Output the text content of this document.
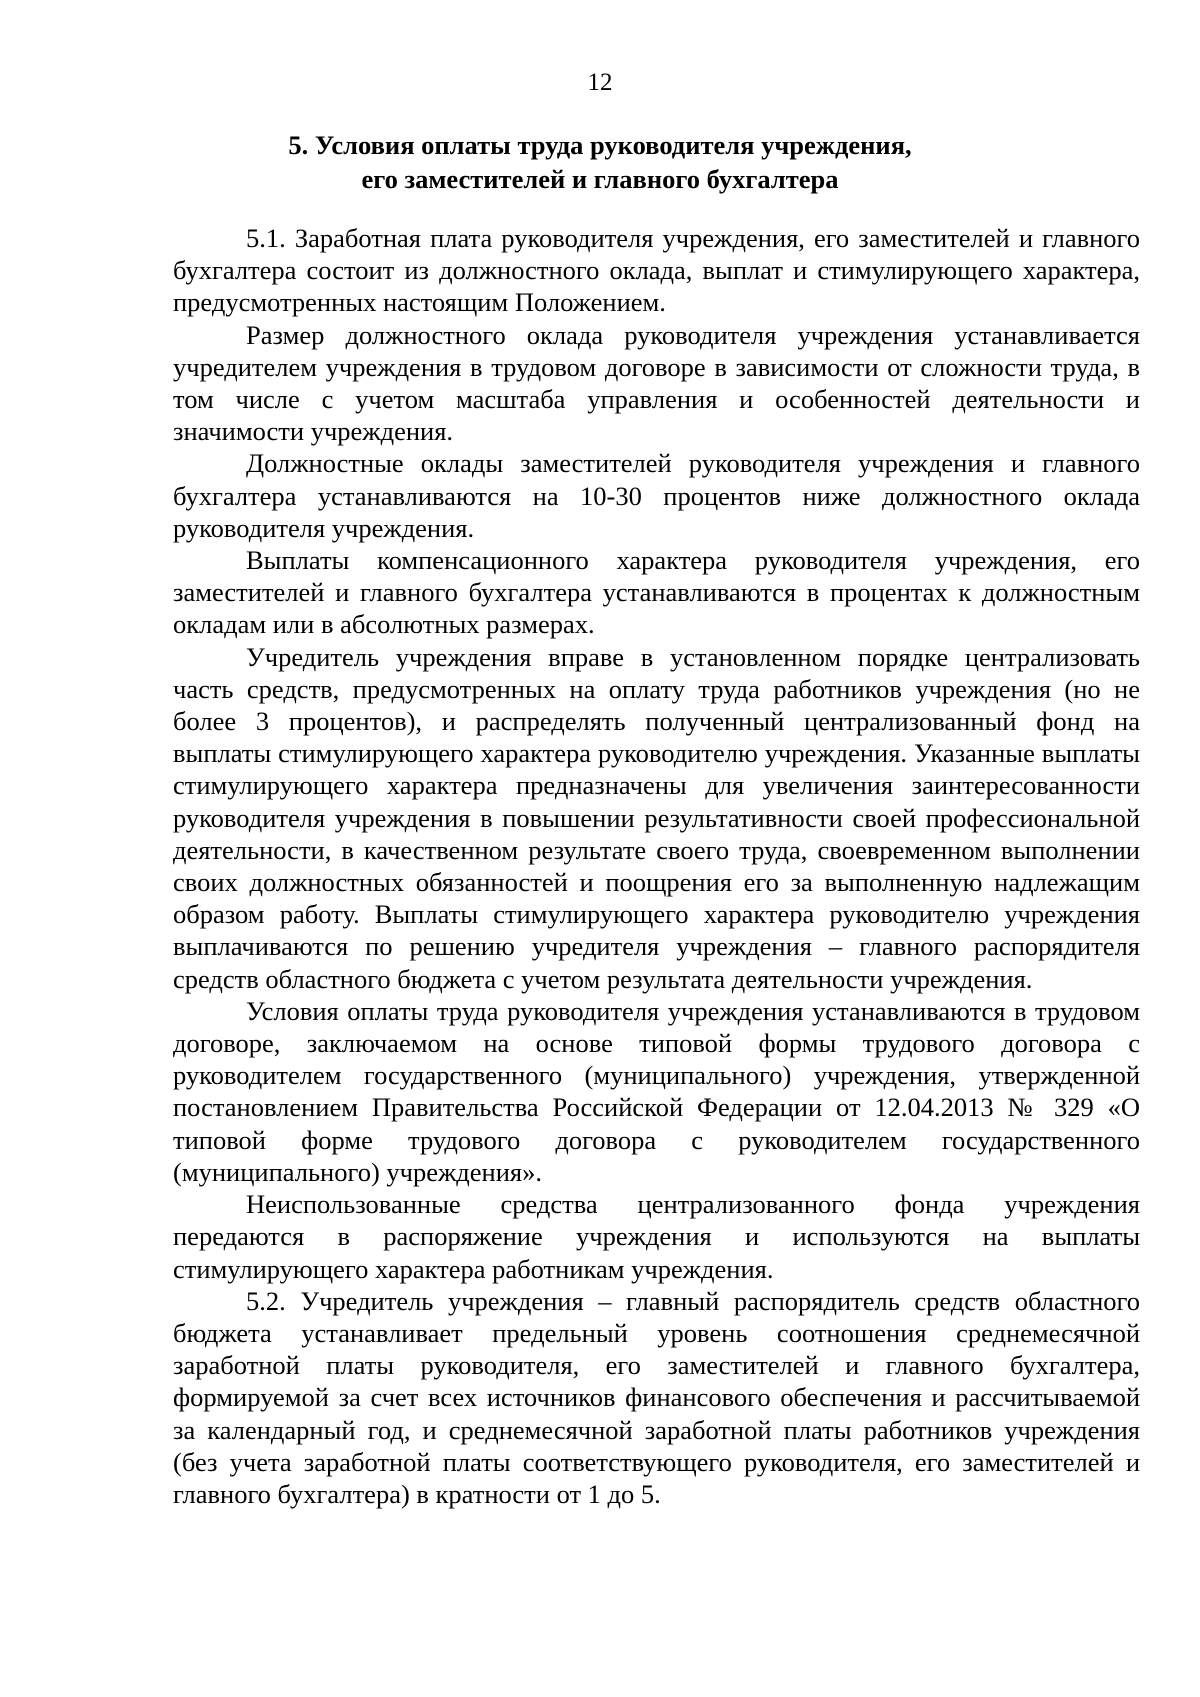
12
5. Условия оплаты труда руководителя учреждения,
его заместителей и главного бухгалтера

5.1. Заработная плата руководителя учреждения, его заместителей и главного бухгалтера состоит из должностного оклада, выплат и стимулирующего характера, предусмотренных настоящим Положением.

Размер должностного оклада руководителя учреждения устанавливается учредителем учреждения в трудовом договоре в зависимости от сложности труда, в том числе с учетом масштаба управления и особенностей деятельности и значимости учреждения.

Должностные оклады заместителей руководителя учреждения и главного бухгалтера устанавливаются на 10-30 процентов ниже должностного оклада руководителя учреждения.

Выплаты компенсационного характера руководителя учреждения, его заместителей и главного бухгалтера устанавливаются в процентах к должностным окладам или в абсолютных размерах.

Учредитель учреждения вправе в установленном порядке централизовать часть средств, предусмотренных на оплату труда работников учреждения (но не более 3 процентов), и распределять полученный централизованный фонд на выплаты стимулирующего характера руководителю учреждения. Указанные выплаты стимулирующего характера предназначены для увеличения заинтересованности руководителя учреждения в повышении результативности своей профессиональной деятельности, в качественном результате своего труда, своевременном выполнении своих должностных обязанностей и поощрения его за выполненную надлежащим образом работу. Выплаты стимулирующего характера руководителю учреждения выплачиваются по решению учредителя учреждения – главного распорядителя средств областного бюджета с учетом результата деятельности учреждения.

Условия оплаты труда руководителя учреждения устанавливаются в трудовом договоре, заключаемом на основе типовой формы трудового договора с руководителем государственного (муниципального) учреждения, утвержденной постановлением Правительства Российской Федерации от 12.04.2013 № 329 «О типовой форме трудового договора с руководителем государственного (муниципального) учреждения».

Неиспользованные средства централизованного фонда учреждения передаются в распоряжение учреждения и используются на выплаты стимулирующего характера работникам учреждения.

5.2. Учредитель учреждения – главный распорядитель средств областного бюджета устанавливает предельный уровень соотношения среднемесячной заработной платы руководителя, его заместителей и главного бухгалтера, формируемой за счет всех источников финансового обеспечения и рассчитываемой за календарный год, и среднемесячной заработной платы работников учреждения (без учета заработной платы соответствующего руководителя, его заместителей и главного бухгалтера) в кратности от 1 до 5.
